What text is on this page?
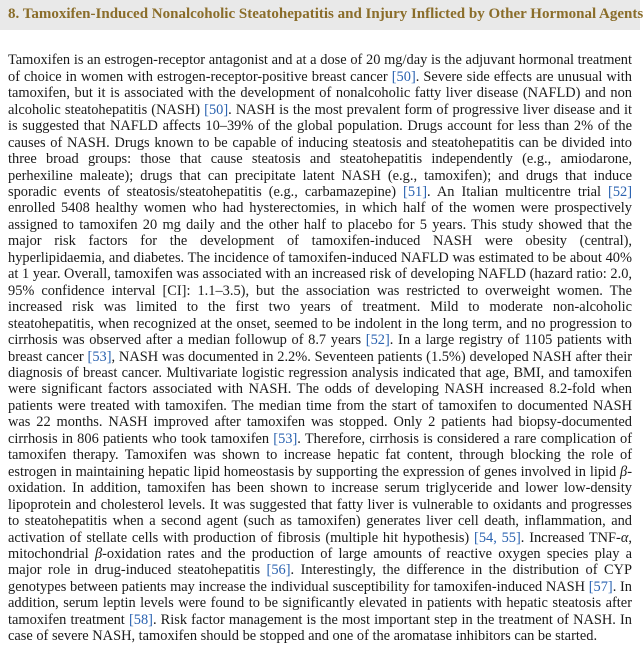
8. Tamoxifen-Induced Nonalcoholic Steatohepatitis and Injury Inflicted by Other Hormonal Agents

Tamoxifen is an estrogen-receptor antagonist and at a dose of 20 mg/day is the adjuvant hormonal treatment of choice in women with estrogen-receptor-positive breast cancer [50]. Severe side effects are unusual with tamoxifen, but it is associated with the development of nonalcoholic fatty liver disease (NAFLD) and non alcoholic steatohepatitis (NASH) [50]. NASH is the most prevalent form of progressive liver disease and it is suggested that NAFLD affects 10–39% of the global population. Drugs account for less than 2% of the causes of NASH. Drugs known to be capable of inducing steatosis and steatohepatitis can be divided into three broad groups: those that cause steatosis and steatohepatitis independently (e.g., amiodarone, perhexiline maleate); drugs that can precipitate latent NASH (e.g., tamoxifen); and drugs that induce sporadic events of steatosis/steatohepatitis (e.g., carbamazepine) [51]. An Italian multicentre trial [52] enrolled 5408 healthy women who had hysterectomies, in which half of the women were prospectively assigned to tamoxifen 20 mg daily and the other half to placebo for 5 years. This study showed that the major risk factors for the development of tamoxifen-induced NASH were obesity (central), hyperlipidaemia, and diabetes. The incidence of tamoxifen-induced NAFLD was estimated to be about 40% at 1 year. Overall, tamoxifen was associated with an increased risk of developing NAFLD (hazard ratio: 2.0, 95% confidence interval [CI]: 1.1–3.5), but the association was restricted to overweight women. The increased risk was limited to the first two years of treatment. Mild to moderate non-alcoholic steatohepatitis, when recognized at the onset, seemed to be indolent in the long term, and no progression to cirrhosis was observed after a median followup of 8.7 years [52]. In a large registry of 1105 patients with breast cancer [53], NASH was documented in 2.2%. Seventeen patients (1.5%) developed NASH after their diagnosis of breast cancer. Multivariate logistic regression analysis indicated that age, BMI, and tamoxifen were significant factors associated with NASH. The odds of developing NASH increased 8.2-fold when patients were treated with tamoxifen. The median time from the start of tamoxifen to documented NASH was 22 months. NASH improved after tamoxifen was stopped. Only 2 patients had biopsy-documented cirrhosis in 806 patients who took tamoxifen [53]. Therefore, cirrhosis is considered a rare complication of tamoxifen therapy. Tamoxifen was shown to increase hepatic fat content, through blocking the role of estrogen in maintaining hepatic lipid homeostasis by supporting the expression of genes involved in lipid β-oxidation. In addition, tamoxifen has been shown to increase serum triglyceride and lower low-density lipoprotein and cholesterol levels. It was suggested that fatty liver is vulnerable to oxidants and progresses to steatohepatitis when a second agent (such as tamoxifen) generates liver cell death, inflammation, and activation of stellate cells with production of fibrosis (multiple hit hypothesis) [54, 55]. Increased TNF-α, mitochondrial β-oxidation rates and the production of large amounts of reactive oxygen species play a major role in drug-induced steatohepatitis [56]. Interestingly, the difference in the distribution of CYP genotypes between patients may increase the individual susceptibility for tamoxifen-induced NASH [57]. In addition, serum leptin levels were found to be significantly elevated in patients with hepatic steatosis after tamoxifen treatment [58]. Risk factor management is the most important step in the treatment of NASH. In case of severe NASH, tamoxifen should be stopped and one of the aromatase inhibitors can be started.
